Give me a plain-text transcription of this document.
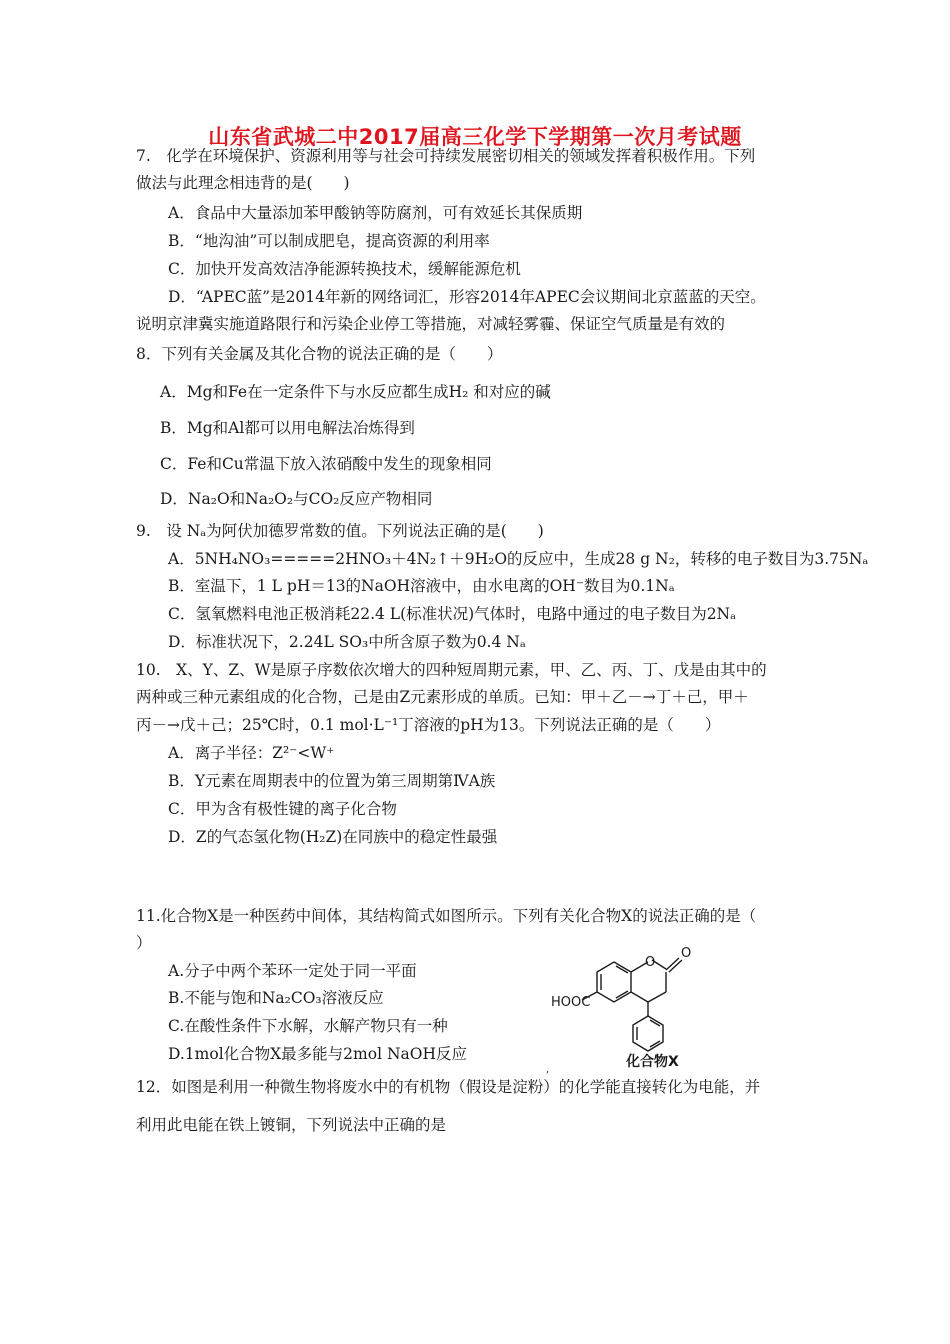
山东省武城二中2017届高三化学下学期第一次月考试题
7.　化学在环境保护、资源利用等与社会可持续发展密切相关的领域发挥着积极作用。下列
做法与此理念相违背的是(　　)
A．食品中大量添加苯甲酸钠等防腐剂，可有效延长其保质期
B．“地沟油”可以制成肥皂，提高资源的利用率
C．加快开发高效洁净能源转换技术，缓解能源危机
D．“APEC蓝”是2014年新的网络词汇，形容2014年APEC会议期间北京蓝蓝的天空。
说明京津冀实施道路限行和污染企业停工等措施，对减轻雾霾、保证空气质量是有效的
8．下列有关金属及其化合物的说法正确的是（　　）
A．Mg和Fe在一定条件下与水反应都生成H₂ 和对应的碱
B．Mg和Al都可以用电解法冶炼得到
C．Fe和Cu常温下放入浓硝酸中发生的现象相同
D．Na₂O和Na₂O₂与CO₂反应产物相同
9.　设 Nₐ为阿伏加德罗常数的值。下列说法正确的是(　　)
A．5NH₄NO₃=====2HNO₃＋4N₂↑＋9H₂O的反应中，生成28 g N₂，转移的电子数目为3.75Nₐ
B．室温下，1 L pH＝13的NaOH溶液中，由水电离的OH⁻数目为0.1Nₐ
C．氢氧燃料电池正极消耗22.4 L(标准状况)气体时，电路中通过的电子数目为2Nₐ
D．标准状况下，2.24L SO₃中所含原子数为0.4 Nₐ
10.　X、Y、Z、W是原子序数依次增大的四种短周期元素，甲、乙、丙、丁、戊是由其中的
两种或三种元素组成的化合物，己是由Z元素形成的单质。已知：甲＋乙－→丁＋己，甲＋
丙－→戊＋己；25℃时，0.1 mol·L⁻¹丁溶液的pH为13。下列说法正确的是（　　）
A．离子半径：Z²⁻<W⁺
B．Y元素在周期表中的位置为第三周期第ⅣA族
C．甲为含有极性键的离子化合物
D．Z的气态氢化物(H₂Z)在同族中的稳定性最强
11.化合物X是一种医药中间体，其结构简式如图所示。下列有关化合物X的说法正确的是（
）
A.分子中两个苯环一定处于同一平面
B.不能与饱和Na₂CO₃溶液反应
C.在酸性条件下水解，水解产物只有一种
D.1mol化合物X最多能与2mol NaOH反应
O
O
HOOC
化合物X
,
12．如图是利用一种微生物将废水中的有机物（假设是淀粉）的化学能直接转化为电能，并
利用此电能在铁上镀铜，下列说法中正确的是
